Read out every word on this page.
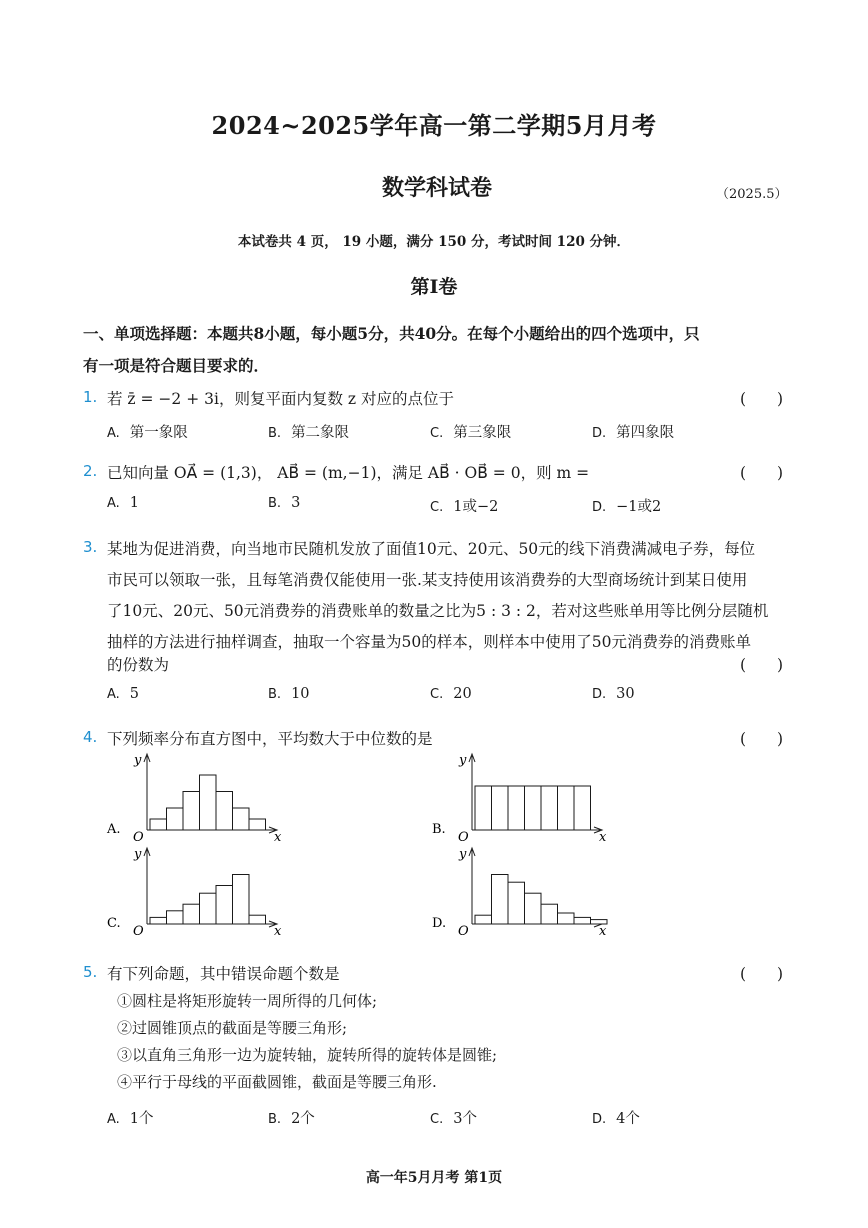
2024~2025学年高一第二学期5月月考
数学科试卷	（2025.5）
本试卷共 4 页， 19 小题，满分 150 分，考试时间 120 分钟．
第Ⅰ卷
一、单项选择题：本题共8小题，每小题5分，共40分。在每个小题给出的四个选项中，只
有一项是符合题目要求的．
1. 若 z̄ = −2 + 3i，则复平面内复数 z 对应的点位于	(　　)
A. 第一象限	B. 第二象限	C. 第三象限	D. 第四象限
2. 已知向量 OA⃗ = (1,3)， AB⃗ = (m,−1)，满足 AB⃗ · OB⃗ = 0，则 m =	(　　)
A. 1	B. 3	C. 1或−2	D. −1或2
3. 某地为促进消费，向当地市民随机发放了面值10元、20元、50元的线下消费满减电子券，每位
市民可以领取一张，且每笔消费仅能使用一张.某支持使用该消费券的大型商场统计到某日使用
了10元、20元、50元消费券的消费账单的数量之比为5 : 3 : 2，若对这些账单用等比例分层随机
抽样的方法进行抽样调查，抽取一个容量为50的样本，则样本中使用了50元消费券的消费账单
的份数为	(　　)
A. 5	B. 10	C. 20	D. 30
4. 下列频率分布直方图中，平均数大于中位数的是	(　　)
A.
y
x
O
B.
y
x
O
C.
y
x
O
D.
y
x
O
5. 有下列命题，其中错误命题个数是	(　　)
①圆柱是将矩形旋转一周所得的几何体;
②过圆锥顶点的截面是等腰三角形;
③以直角三角形一边为旋转轴，旋转所得的旋转体是圆锥;
④平行于母线的平面截圆锥，截面是等腰三角形.
A. 1个	B. 2个	C. 3个	D. 4个
高一年5月月考 第1页
